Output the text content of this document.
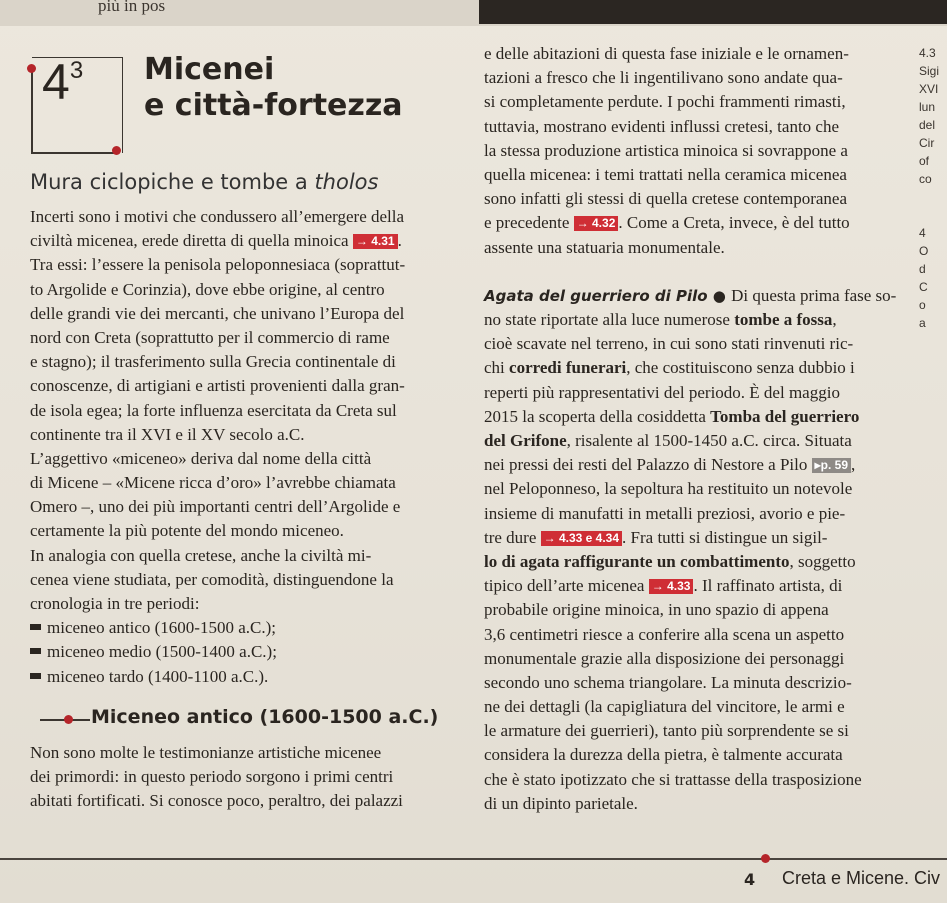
più in pos
$4^3$ Micenei
e città-fortezza
Mura ciclopiche e tombe a tholos
Incerti sono i motivi che condussero all’emergere della
civiltà micenea, erede diretta di quella minoica → 4.31 .
Tra essi: l’essere la penisola peloponnesiaca (soprattut-
to Argolide e Corinzia), dove ebbe origine, al centro
delle grandi vie dei mercanti, che univano l’Europa del
nord con Creta (soprattutto per il commercio di rame
e stagno); il trasferimento sulla Grecia continentale di
conoscenze, di artigiani e artisti provenienti dalla gran-
de isola egea; la forte influenza esercitata da Creta sul
continente tra il XVI e il XV secolo a.C.
L’aggettivo «miceneo» deriva dal nome della città
di Micene – «Micene ricca d’oro» l’avrebbe chiamata
Omero –, uno dei più importanti centri dell’Argolide e
certamente la più potente del mondo miceneo.
In analogia con quella cretese, anche la civiltà mi-
cenea viene studiata, per comodità, distinguendone la
cronologia in tre periodi:
miceneo antico (1600-1500 a.C.);
miceneo medio (1500-1400 a.C.);
miceneo tardo (1400-1100 a.C.).
Miceneo antico (1600-1500 a.C.)
Non sono molte le testimonianze artistiche micenee
dei primordi: in questo periodo sorgono i primi centri
abitati fortificati. Si conosce poco, peraltro, dei palazzi
e delle abitazioni di questa fase iniziale e le ornamen-
tazioni a fresco che li ingentilivano sono andate qua-
si completamente perdute. I pochi frammenti rimasti,
tuttavia, mostrano evidenti influssi cretesi, tanto che
la stessa produzione artistica minoica si sovrappone a
quella micenea: i temi trattati nella ceramica micenea
sono infatti gli stessi di quella cretese contemporanea
e precedente → 4.32 . Come a Creta, invece, è del tutto
assente una statuaria monumentale.
Agata del guerriero di Pilo ● Di questa prima fase so-
no state riportate alla luce numerose tombe a fossa,
cioè scavate nel terreno, in cui sono stati rinvenuti ric-
chi corredi funerari, che costituiscono senza dubbio i
reperti più rappresentativi del periodo. È del maggio
2015 la scoperta della cosiddetta Tomba del guerriero
del Grifone, risalente al 1500-1450 a.C. circa. Situata
nei pressi dei resti del Palazzo di Nestore a Pilo ▸p. 59 ,
nel Peloponneso, la sepoltura ha restituito un notevole
insieme di manufatti in metalli preziosi, avorio e pie-
tre dure → 4.33 e 4.34 . Fra tutti si distingue un sigil-
lo di agata raffigurante un combattimento, soggetto
tipico dell’arte micenea → 4.33 . Il raffinato artista, di
probabile origine minoica, in uno spazio di appena
3,6 centimetri riesce a conferire alla scena un aspetto
monumentale grazie alla disposizione dei personaggi
secondo uno schema triangolare. La minuta descrizio-
ne dei dettagli (la capigliatura del vincitore, le armi e
le armature dei guerrieri), tanto più sorprendente se si
considera la durezza della pietra, è talmente accurata
che è stato ipotizzato che si trattasse della trasposizione
di un dipinto parietale.
4.3
Sigi
XVI
lun
del
Cir
of
co

4
O
d
C
o
a
4 Creta e Micene. Civ
